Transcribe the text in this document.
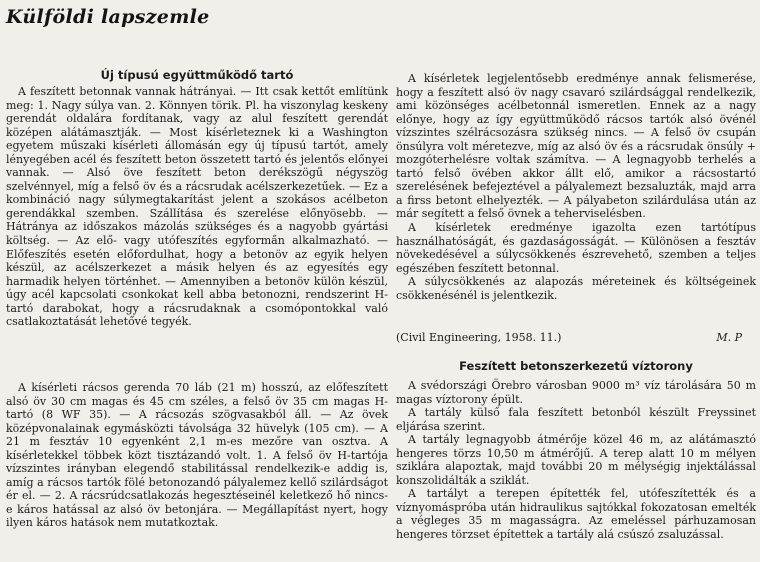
Külföldi lapszemle
Új típusú együttműködő tartó

A feszített betonnak vannak hátrányai. — Itt csak kettőt említünk meg: 1. Nagy súlya van. 2. Könnyen törik. Pl. ha viszonylag keskeny gerendát oldalára fordítanak, vagy az alul feszített gerendát középen alátámasztják. — Most kísérleteznek ki a Washington egyetem műszaki kísérleti állomásán egy új típusú tartót, amely lényegében acél és feszített beton összetett tartó és jelentős előnyei vannak. — Alsó öve feszített beton derékszögű négyszög szelvénnyel, míg a felső öv és a rácsrudak acélszerkezetűek. — Ez a kombináció nagy súlymegtakarítást jelent a szokásos acélbeton gerendákkal szemben. Szállítása és szerelése előnyösebb. — Hátránya az időszakos mázolás szükséges és a nagyobb gyártási költség. — Az elő- vagy utófeszítés egyforma̋n alkalmazható. — Előfeszítés esetén előfordulhat, hogy a betonöv az egyik helyen készül, az acélszerkezet a másik helyen és az egyesítés egy harmadik helyen történhet. — Amennyiben a betonöv külön készül, úgy acél kapcsolati csonkokat kell abba betonozni, rendszerint H-tartó darabokat, hogy a rácsrudaknak a csomópontokkal való csatlakoztatását lehetővé tegyék.

A kísérleti rácsos gerenda 70 láb (21 m) hosszú, az előfeszített alsó öv 30 cm magas és 45 cm széles, a felső öv 35 cm magas H-tartó (8 WF 35). — A rácsozás szögvasakból áll. — Az övek középvonalainak egymásközti távolsága 32 hüvelyk (105 cm). — A 21 m fesztáv 10 egyenként 2,1 m-es mezőre van osztva. A kísérletekkel többek közt tisztázandó volt. 1. A felső öv H-tartója vízszintes irányban elegendő stabilitással rendelkezik-e addig is, amíg a rácsos tartók fölé betonozandó pályalemez kellő szilárdságot ér el. — 2. A rácsrúdcsatlakozás hegesztéseinél keletkező hő nincs-e káros hatással az alsó öv betonjára. — Megállapítást nyert, hogy ilyen káros hatások nem mutatkoztak.

A kísérletek legjelentősebb eredménye annak felismerése, hogy a feszített alsó öv nagy csavaró szilárdsággal rendelkezik, ami közönséges acélbetonnál ismeretlen. Ennek az a nagy előnye, hogy az így együttműködő rácsos tartók alsó övénél vízszintes szélrácsozásra szükség nincs. — A felső öv csupán önsúlyra volt méretezve, míg az alsó öv és a rácsrudak önsúly + mozgóterhelésre voltak számítva. — A legnagyobb terhelés a tartó felső övében akkor állt elő, amikor a rácsostartó szerelésének befejeztével a pályalemezt bezsaluzták, majd arra a firss betont elhelyezték. — A pályabeton szilárdulása után az már segített a felső övnek a teherviselésben.
A kísérletek eredménye igazolta ezen tartótípus használhatóságát, és gazdaságosságát. — Különösen a fesztáv növekedésével a súlycsökkenés észrevehető, szemben a teljes egészében feszített betonnal.
A súlycsökkenés az alapozás méreteinek és költségeinek csökkenésénél is jelentkezik.

(Civil Engineering, 1958. 11.)	M. P
Feszített betonszerkezetű víztorony

A svédországi Örebro városban 9000 m³ víz tárolására 50 m magas víztorony épült.
A tartály külső fala feszített betonból készült Freyssinet eljárása szerint.
A tartály legnagyobb átmérője közel 46 m, az alátámasztó hengeres törzs 10,50 m átmérőjű. A terep alatt 10 m mélyen sziklára alapoztak, majd további 20 m mélységig injektálással konszolidálták a sziklát.
A tartályt a terepen építették fel, utófeszítették és a víznyomáspróba után hidraulikus sajtókkal fokozatosan emelték a végleges 35 m magasságra. Az emeléssel párhuzamosan hengeres törzset építettek a tartály alá csúszó zsaluzással.
